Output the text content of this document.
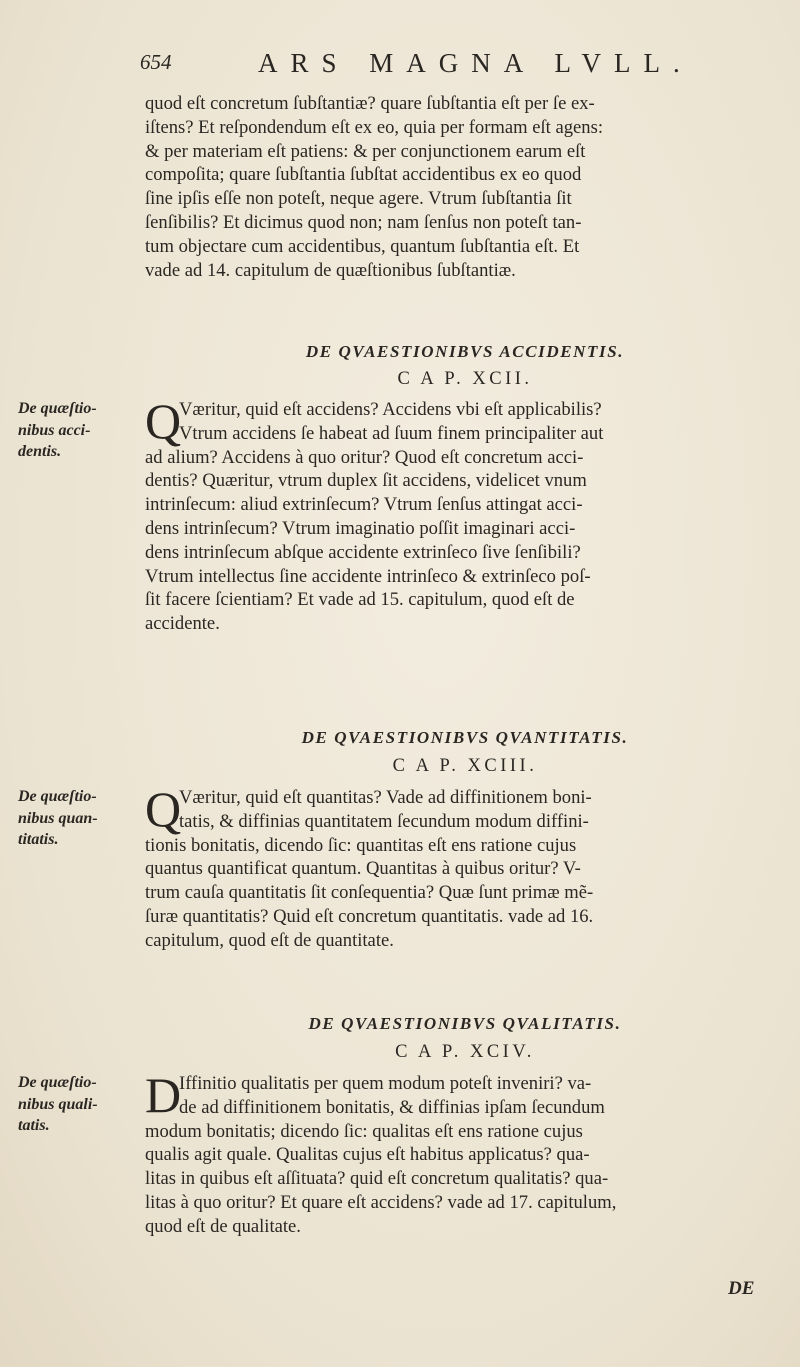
654	ARS MAGNA LVLL.
quod eſt concretum ſubſtantiæ? quare ſubſtantia eſt per ſe ex-
iſtens? Et reſpondendum eſt ex eo, quia per formam eſt agens:
& per materiam eſt patiens: & per conjunctionem earum eſt
compoſita; quare ſubſtantia ſubſtat accidentibus ex eo quod
ſine ipſis eſſe non poteſt, neque agere. Vtrum ſubſtantia ſit
ſenſibilis? Et dicimus quod non; nam ſenſus non poteſt tan-
tum objectare cum accidentibus, quantum ſubſtantia eſt. Et
vade ad 14. capitulum de quæſtionibus ſubſtantiæ.
DE QVAESTIONIBVS ACCIDENTIS.
C A P. XCII.
De quæſtio-
nibus acci-
dentis.
Q
Væritur, quid eſt accidens? Accidens vbi eſt applicabilis?
Vtrum accidens ſe habeat ad ſuum finem principaliter aut
ad alium? Accidens à quo oritur? Quod eſt concretum acci-
dentis? Quæritur, vtrum duplex ſit accidens, videlicet vnum
intrinſecum: aliud extrinſecum? Vtrum ſenſus attingat acci-
dens intrinſecum? Vtrum imaginatio poſſit imaginari acci-
dens intrinſecum abſque accidente extrinſeco ſive ſenſibili?
Vtrum intellectus ſine accidente intrinſeco & extrinſeco poſ-
ſit facere ſcientiam? Et vade ad 15. capitulum, quod eſt de
accidente.
DE QVAESTIONIBVS QVANTITATIS.
C A P. XCIII.
De quæſtio-
nibus quan-
titatis.
Q
Væritur, quid eſt quantitas? Vade ad diffinitionem boni-
tatis, & diffinias quantitatem ſecundum modum diffini-
tionis bonitatis, dicendo ſic: quantitas eſt ens ratione cujus
quantus quantificat quantum. Quantitas à quibus oritur? V-
trum cauſa quantitatis ſit conſequentia? Quæ ſunt primæ mẽ-
ſuræ quantitatis? Quid eſt concretum quantitatis. vade ad 16.
capitulum, quod eſt de quantitate.
DE QVAESTIONIBVS QVALITATIS.
C A P. XCIV.
De quæſtio-
nibus quali-
tatis.
D
Iffinitio qualitatis per quem modum poteſt inveniri? va-
de ad diffinitionem bonitatis, & diffinias ipſam ſecundum
modum bonitatis; dicendo ſic: qualitas eſt ens ratione cujus
qualis agit quale. Qualitas cujus eſt habitus applicatus? qua-
litas in quibus eſt aſſituata? quid eſt concretum qualitatis? qua-
litas à quo oritur? Et quare eſt accidens? vade ad 17. capitulum,
quod eſt de qualitate.
DE
